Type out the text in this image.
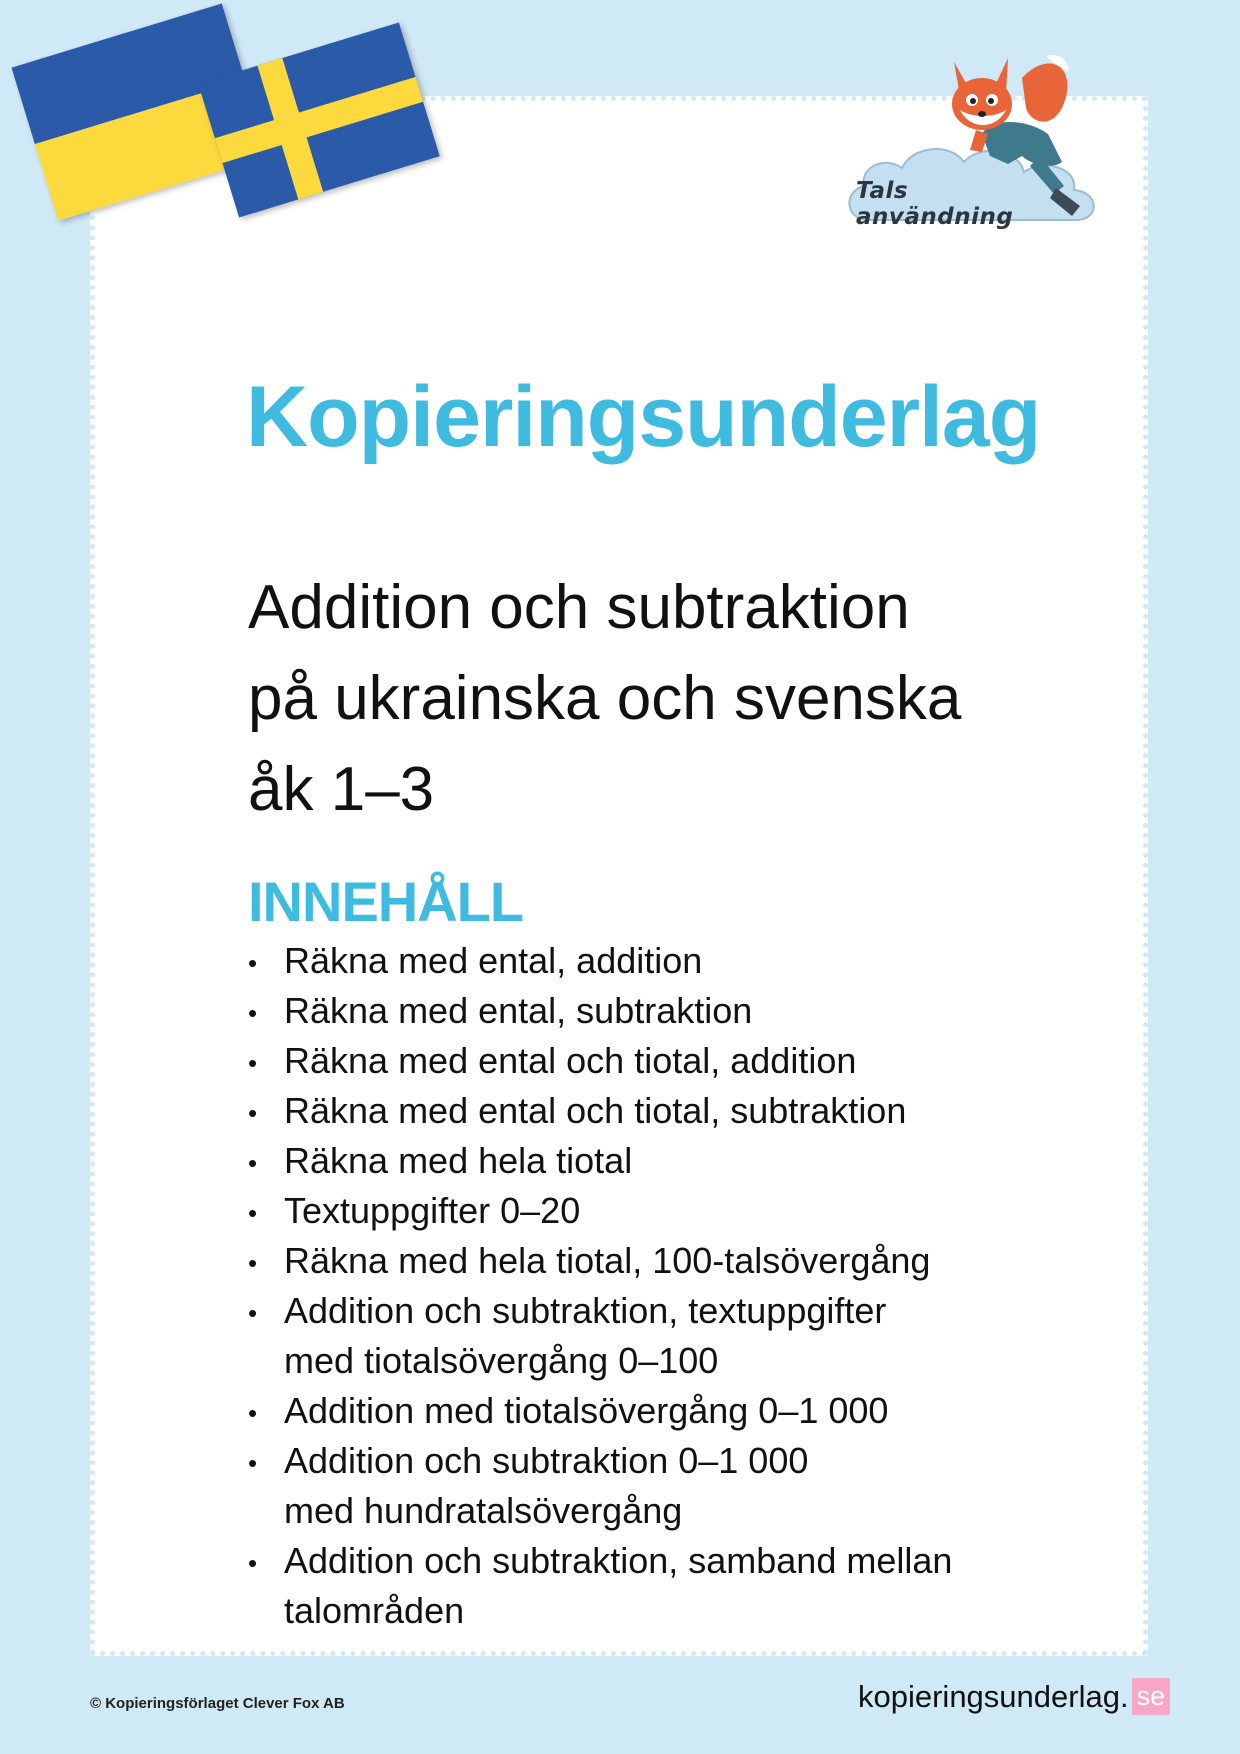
Tals användning
Kopieringsunderlag
Addition och subtraktion
på ukrainska och svenska
åk 1–3
INNEHÅLL
• Räkna med ental, addition
• Räkna med ental, subtraktion
• Räkna med ental och tiotal, addition
• Räkna med ental och tiotal, subtraktion
• Räkna med hela tiotal
• Textuppgifter 0–20
• Räkna med hela tiotal, 100-talsövergång
• Addition och subtraktion, textuppgifter
med tiotalsövergång 0–100
• Addition med tiotalsövergång 0–1 000
• Addition och subtraktion 0–1 000
med hundratalsövergång
• Addition och subtraktion, samband mellan
talområden
© Kopieringsförlaget Clever Fox AB	kopieringsunderlag. se
